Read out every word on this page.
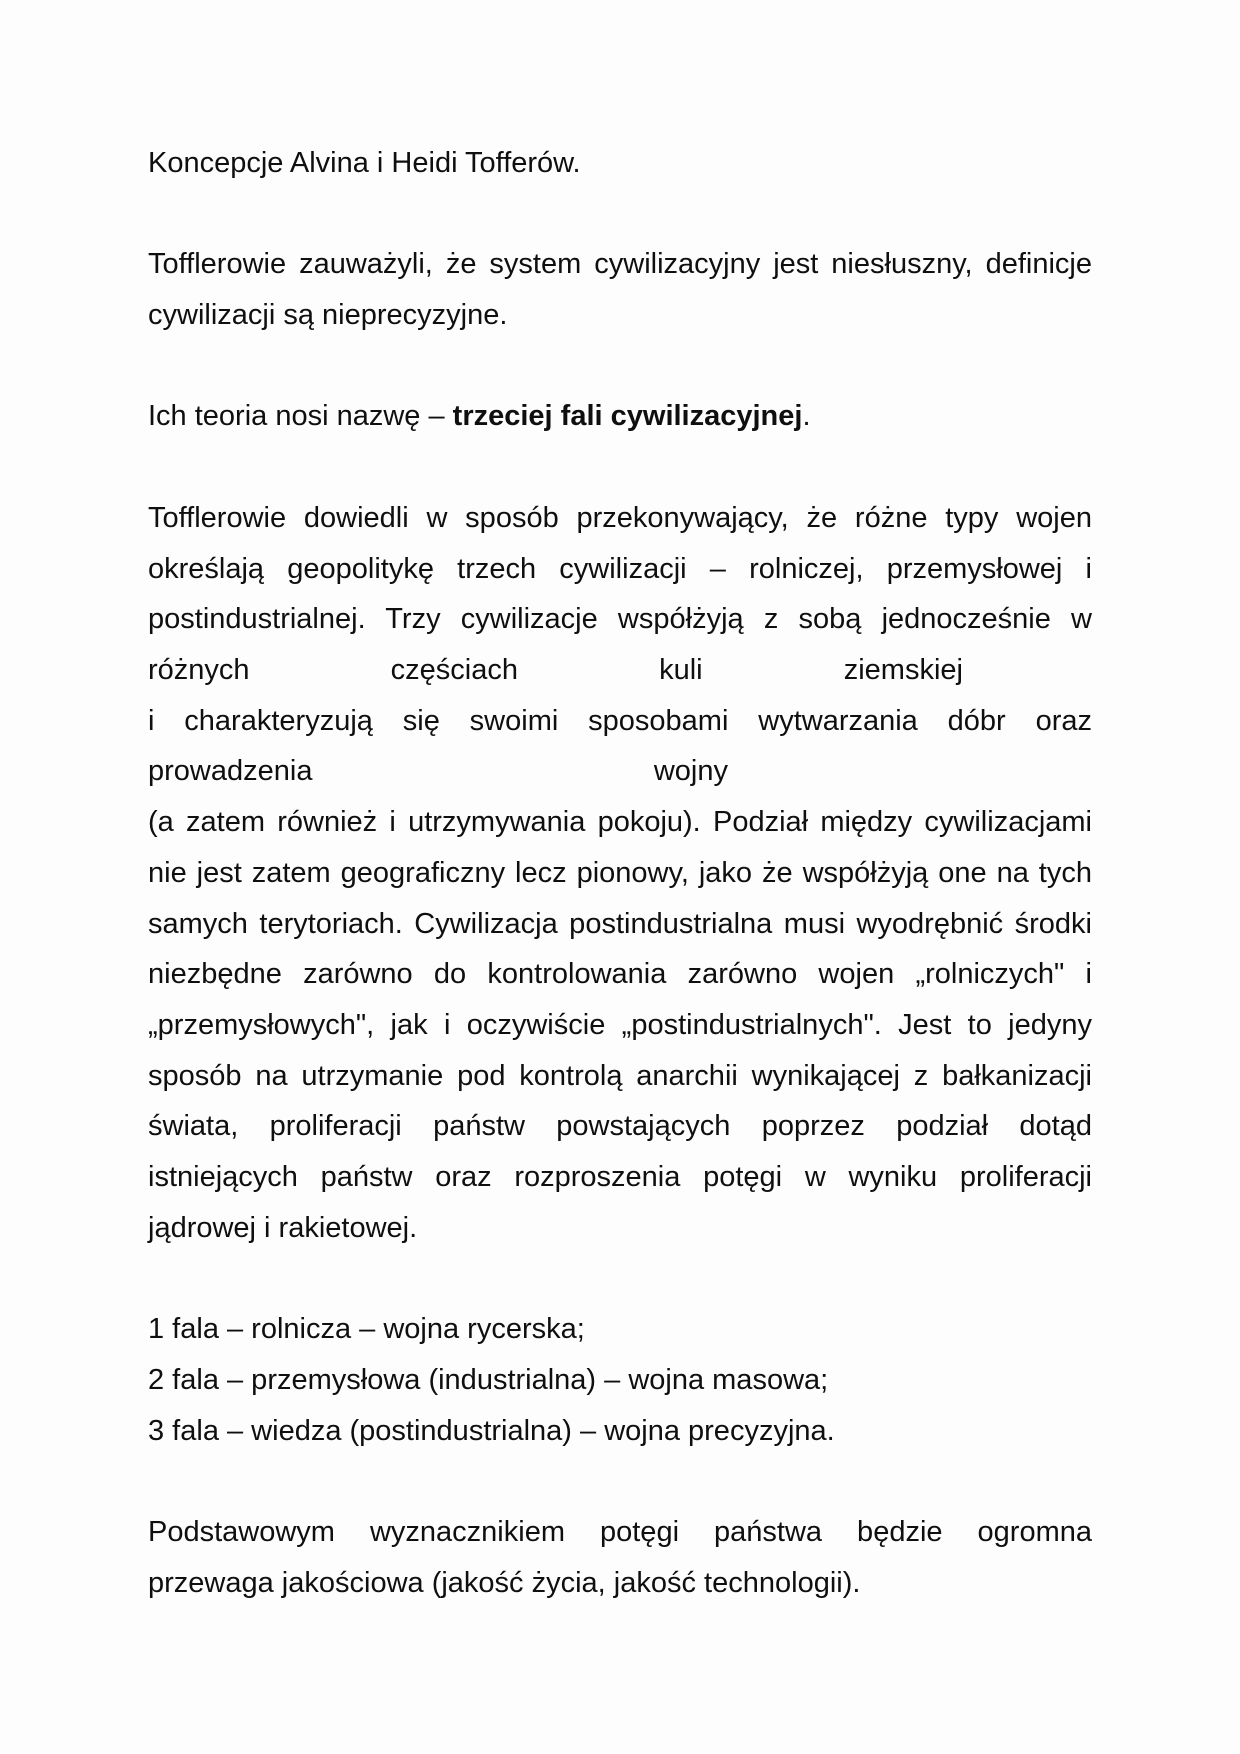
Koncepcje Alvina i Heidi Tofferów.
Tofflerowie zauważyli, że system cywilizacyjny jest niesłuszny, definicje
cywilizacji są nieprecyzyjne.
Ich teoria nosi nazwę – trzeciej fali cywilizacyjnej.
Tofflerowie dowiedli w sposób przekonywający, że różne typy wojen
określają geopolitykę trzech cywilizacji – rolniczej, przemysłowej i
postindustrialnej. Trzy cywilizacje współżyją z sobą jednocześnie w
różnych	częściach	kuli	ziemskiej
i charakteryzują się swoimi sposobami wytwarzania dóbr oraz
prowadzenia	wojny
(a zatem również i utrzymywania pokoju). Podział między cywilizacjami
nie jest zatem geograficzny lecz pionowy, jako że współżyją one na tych
samych terytoriach. Cywilizacja postindustrialna musi wyodrębnić środki
niezbędne zarówno do kontrolowania zarówno wojen „rolniczych" i
„przemysłowych", jak i oczywiście „postindustrialnych". Jest to jedyny
sposób na utrzymanie pod kontrolą anarchii wynikającej z bałkanizacji
świata, proliferacji państw powstających poprzez podział dotąd
istniejących państw oraz rozproszenia potęgi w wyniku proliferacji
jądrowej i rakietowej.
1 fala – rolnicza – wojna rycerska;
2 fala – przemysłowa (industrialna) – wojna masowa;
3 fala – wiedza (postindustrialna) – wojna precyzyjna.
Podstawowym wyznacznikiem potęgi państwa będzie ogromna
przewaga jakościowa (jakość życia, jakość technologii).
